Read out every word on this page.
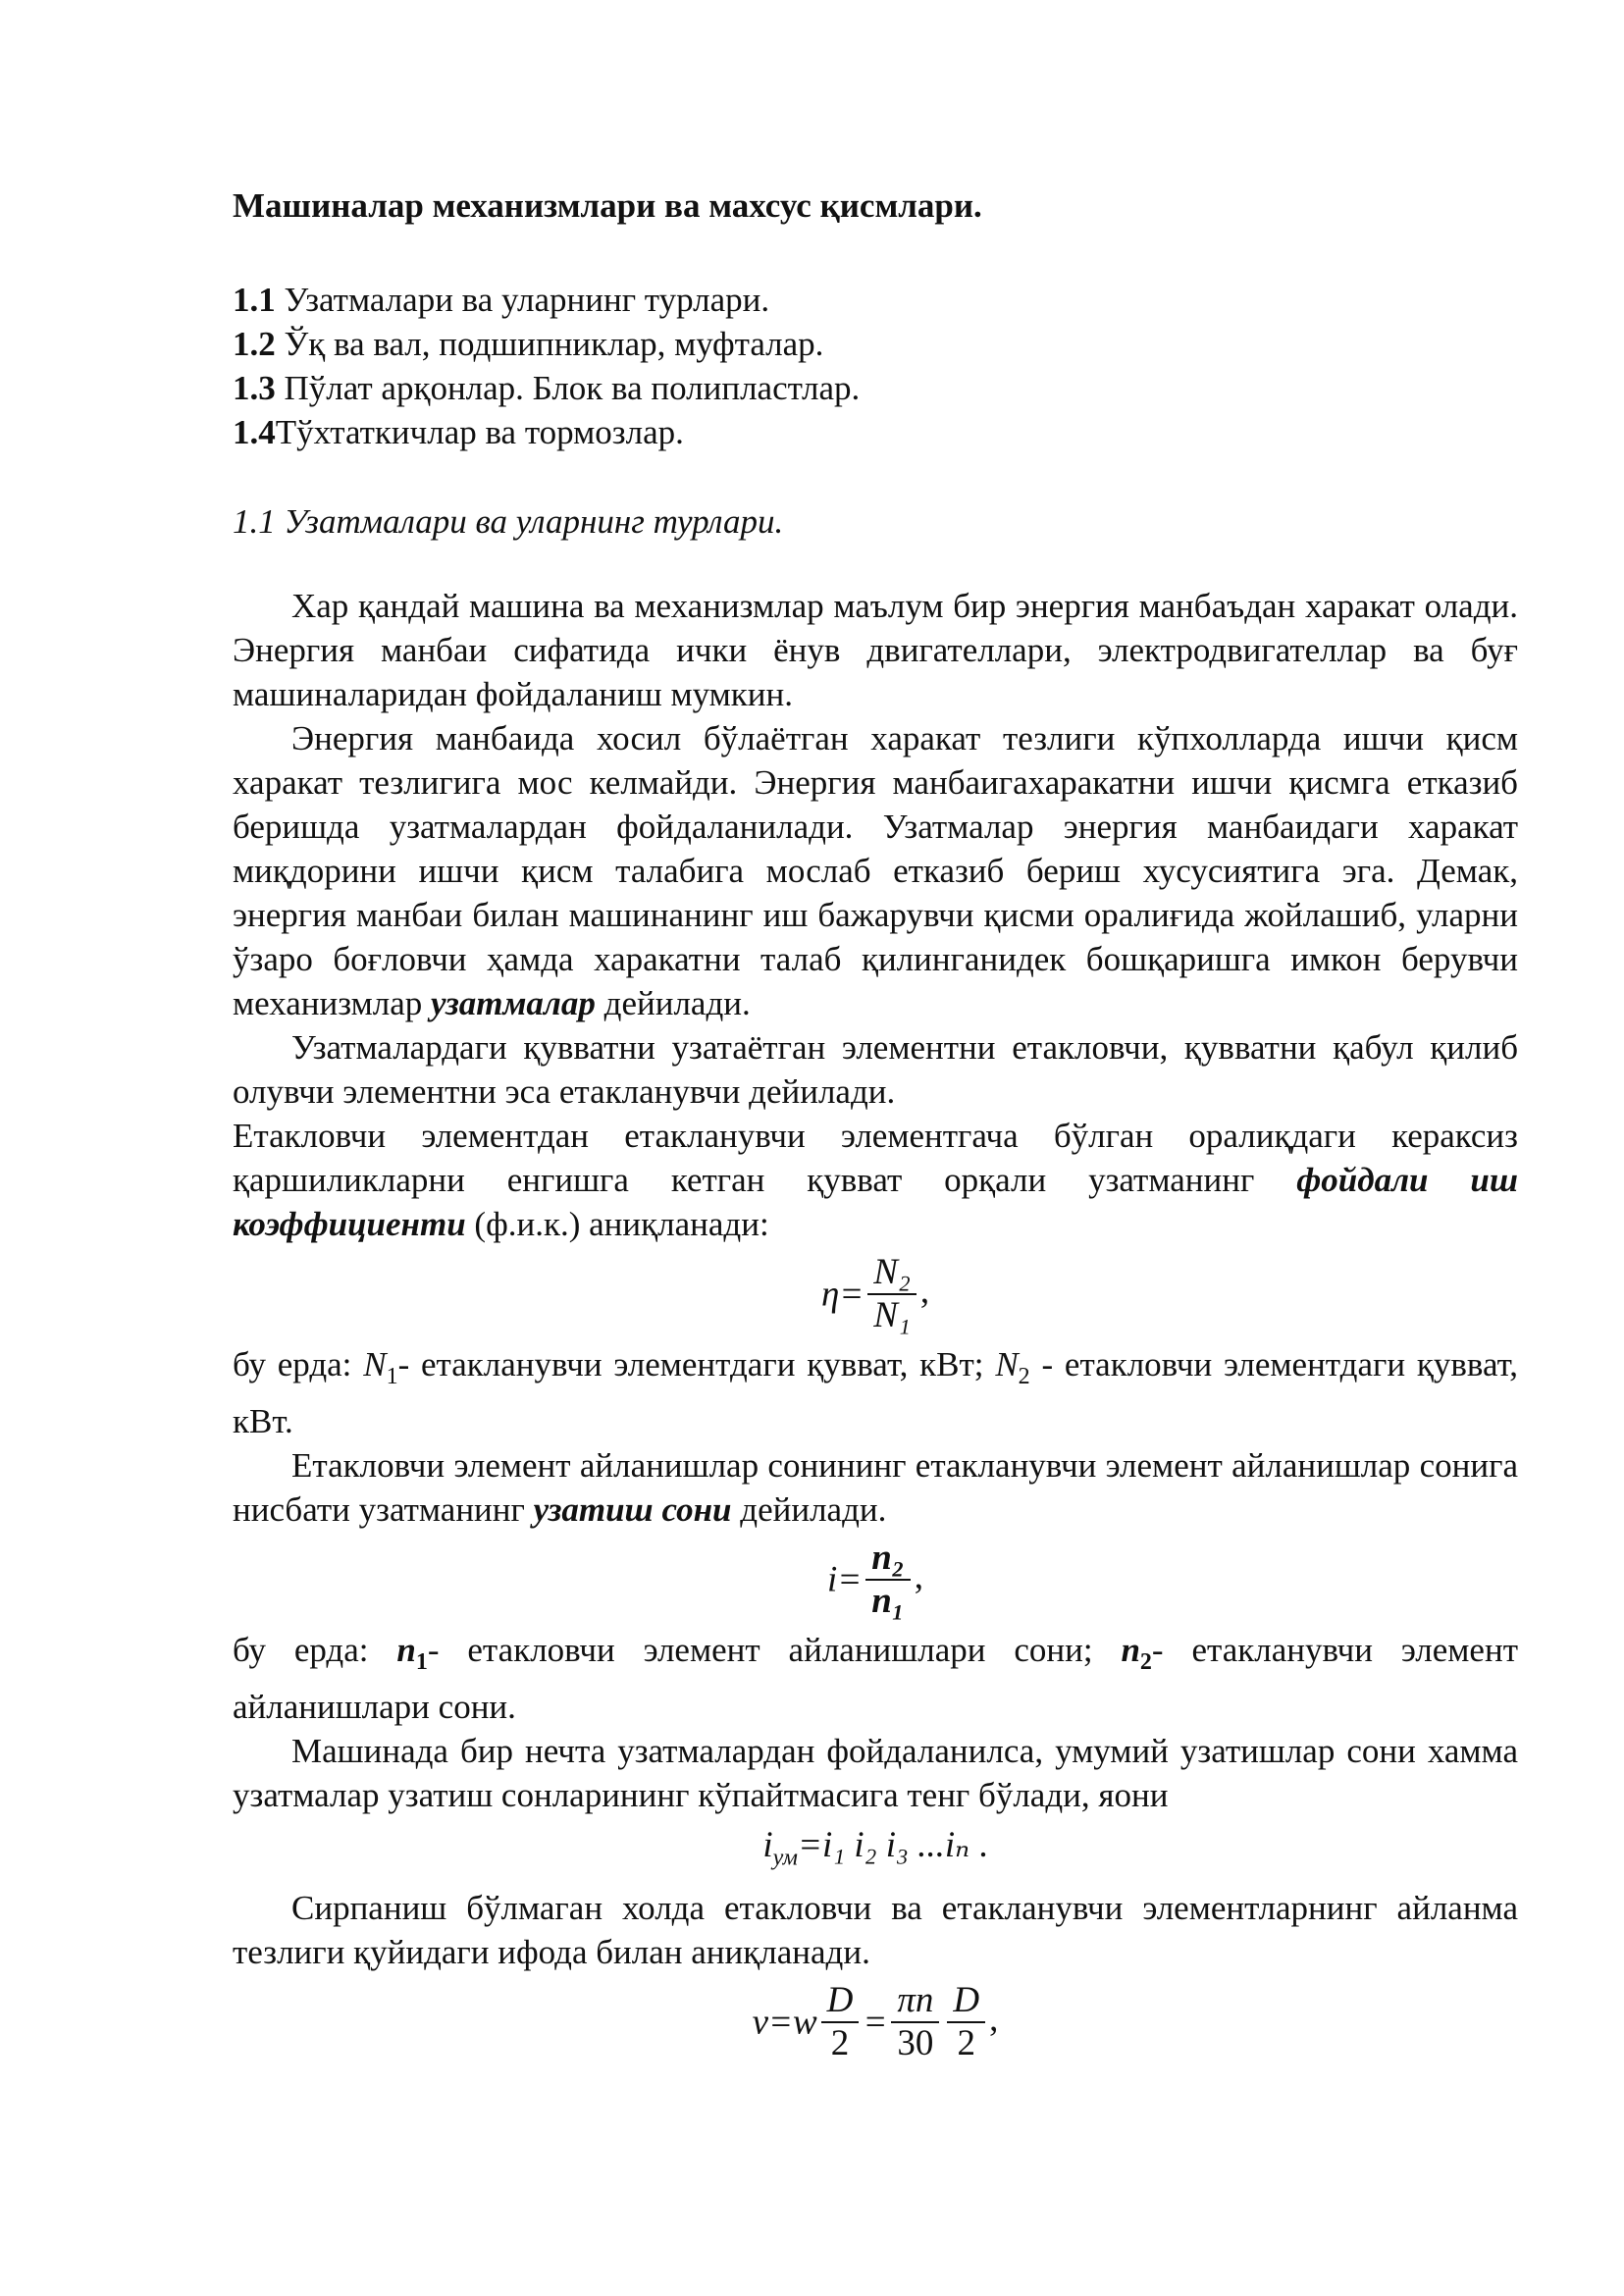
Машиналар механизмлари ва махсус қисмлари.
1.1 Узатмалари ва уларнинг турлари.
1.2 Ўқ ва вал, подшипниклар, муфталар.
1.3 Пўлат арқонлар. Блок ва полипластлар.
1.4Тўхтаткичлар ва тормозлар.
1.1 Узатмалари ва уларнинг турлари.

Хар қандай машина ва механизмлар маълум бир энергия манбаъдан харакат олади. Энергия манбаи сифатида ички ёнув двигателлари, электродвигателлар ва буғ машиналаридан фойдаланиш мумкин.

Энергия манбаида хосил бўлаётган харакат тезлиги кўпхолларда ишчи қисм харакат тезлигига мос келмайди. Энергия манбаигахаракатни ишчи қисмга етказиб беришда узатмалардан фойдаланилади. Узатмалар энергия манбаидаги харакат миқдорини ишчи қисм талабига мослаб етказиб бериш хусусиятига эга. Демак, энергия манбаи билан машинанинг иш бажарувчи қисми оралиғида жойлашиб, уларни ўзаро боғловчи ҳамда харакатни талаб қилинганидек бошқаришга имкон берувчи механизмлар узатмалар дейилади.

Узатмалардаги қувватни узатаётган элементни етакловчи, қувватни қабул қилиб олувчи элементни эса етакланувчи дейилади.

Етакловчи элементдан етакланувчи элементгача бўлган оралиқдаги кераксиз қаршиликларни енгишга кетган қувват орқали узатманинг фойдали иш коэффициенти (ф.и.к.) аниқланади:

$\eta= \frac{\text{N₂}}{\text{N₁}}$ ,

бу ерда: $N_1-$ етакланувчи элементдаги қувват, кВт; $N_2$ - етакловчи элементдаги қувват, кВт.

Етакловчи элемент айланишлар сонининг етакланувчи элемент айланишлар сонига нисбати узатманинг узатиш сони дейилади.

$i= \frac{\text{n₂}}{\text{n₁}}$ ,

бу ерда: $n_1-$ етакловчи элемент айланишлари сони; $n_2-$ етакланувчи элемент айланишлари сони.

Машинада бир нечта узатмалардан фойдаланилса, умумий узатишлар сони хамма узатмалар узатиш сонларининг кўпайтмасига тенг бўлади, яони

$i_{ум}=i_1$ i₂ i₃ ...iₙ .

Сирпаниш бўлмаган холда етакловчи ва етакланувчи элементларнинг айланма тезлиги қуйидаги ифода билан аниқланади.

$\nu=w \frac{D}{2} = \frac{\pi n}{30} \frac{D}{2}$ ,
